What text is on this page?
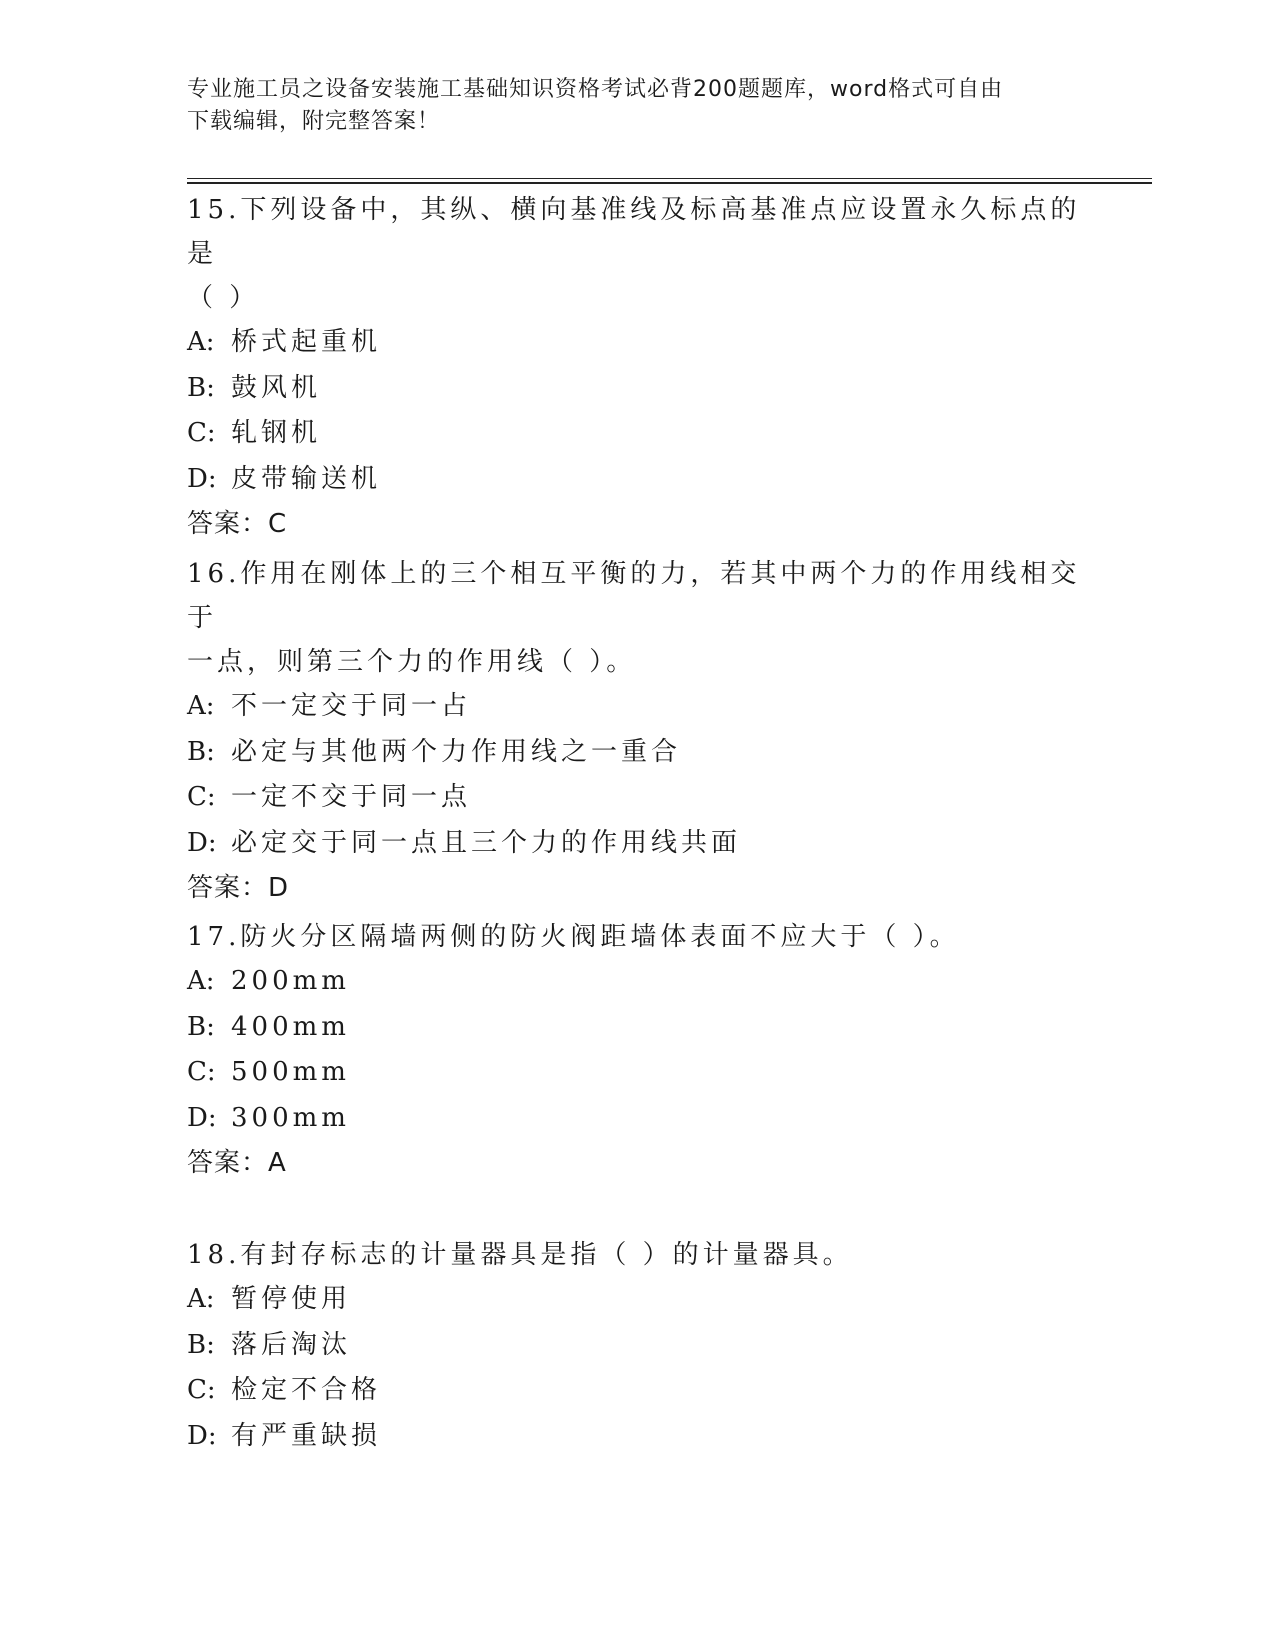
专业施工员之设备安装施工基础知识资格考试必背200题题库，word格式可自由
下载编辑，附完整答案！
15.下列设备中，其纵、横向基准线及标高基准点应设置永久标点的是
（ ）
A: 桥式起重机
B: 鼓风机
C: 轧钢机
D: 皮带输送机
答案：C
16.作用在刚体上的三个相互平衡的力，若其中两个力的作用线相交于
一点，则第三个力的作用线（ ）。
A: 不一定交于同一占
B: 必定与其他两个力作用线之一重合
C: 一定不交于同一点
D: 必定交于同一点且三个力的作用线共面
答案：D
17.防火分区隔墙两侧的防火阀距墙体表面不应大于（ ）。
A: 200mm
B: 400mm
C: 500mm
D: 300mm
答案：A
18.有封存标志的计量器具是指（ ）的计量器具。
A: 暂停使用
B: 落后淘汰
C: 检定不合格
D: 有严重缺损
